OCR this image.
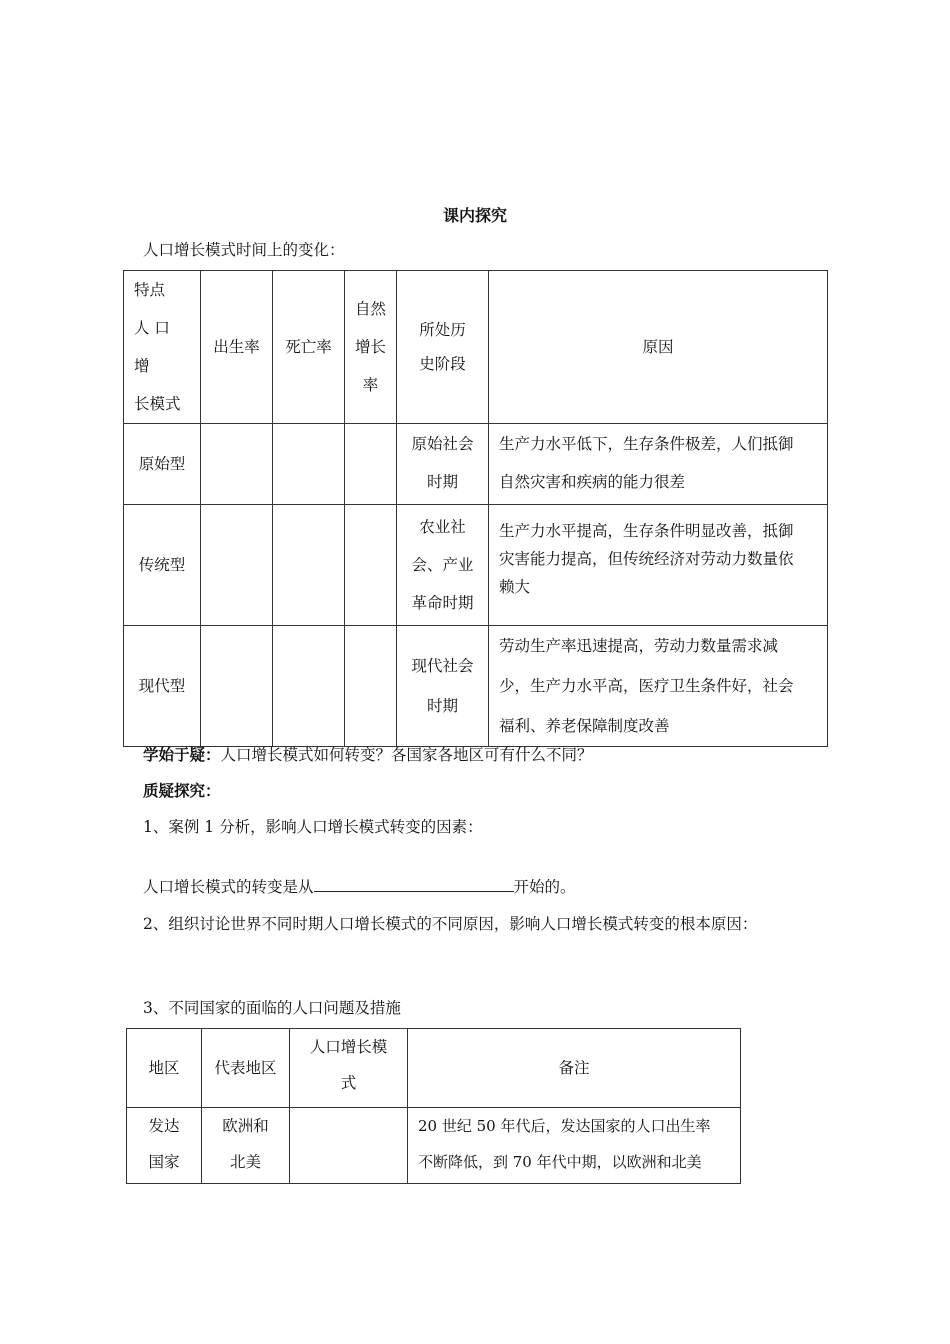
课内探究
人口增长模式时间上的变化：
特点
人 口 增
长模式	出生率	死亡率	自然
增长
率	所处历
史阶段	原因
原始型				原始社会
时期	生产力水平低下，生存条件极差，人们抵御
自然灾害和疾病的能力很差

传统型				农业社
会、产业
革命时期	生产力水平提高，生存条件明显改善，抵御
灾害能力提高，但传统经济对劳动力数量依
赖大

现代型				现代社会
时期	劳动生产率迅速提高，劳动力数量需求减
少，生产力水平高，医疗卫生条件好，社会
福利、养老保障制度改善
学始于疑：人口增长模式如何转变？各国家各地区可有什么不同？
质疑探究：
1、案例 1 分析，影响人口增长模式转变的因素：
人口增长模式的转变是从	开始的。
2、组织讨论世界不同时期人口增长模式的不同原因，影响人口增长模式转变的根本原因：
3、不同国家的面临的人口问题及措施
地区	代表地区	人口增长模
式	备注

发达
国家	欧洲和
北美		20 世纪 50 年代后，发达国家的人口出生率
不断降低，到 70 年代中期，以欧洲和北美
